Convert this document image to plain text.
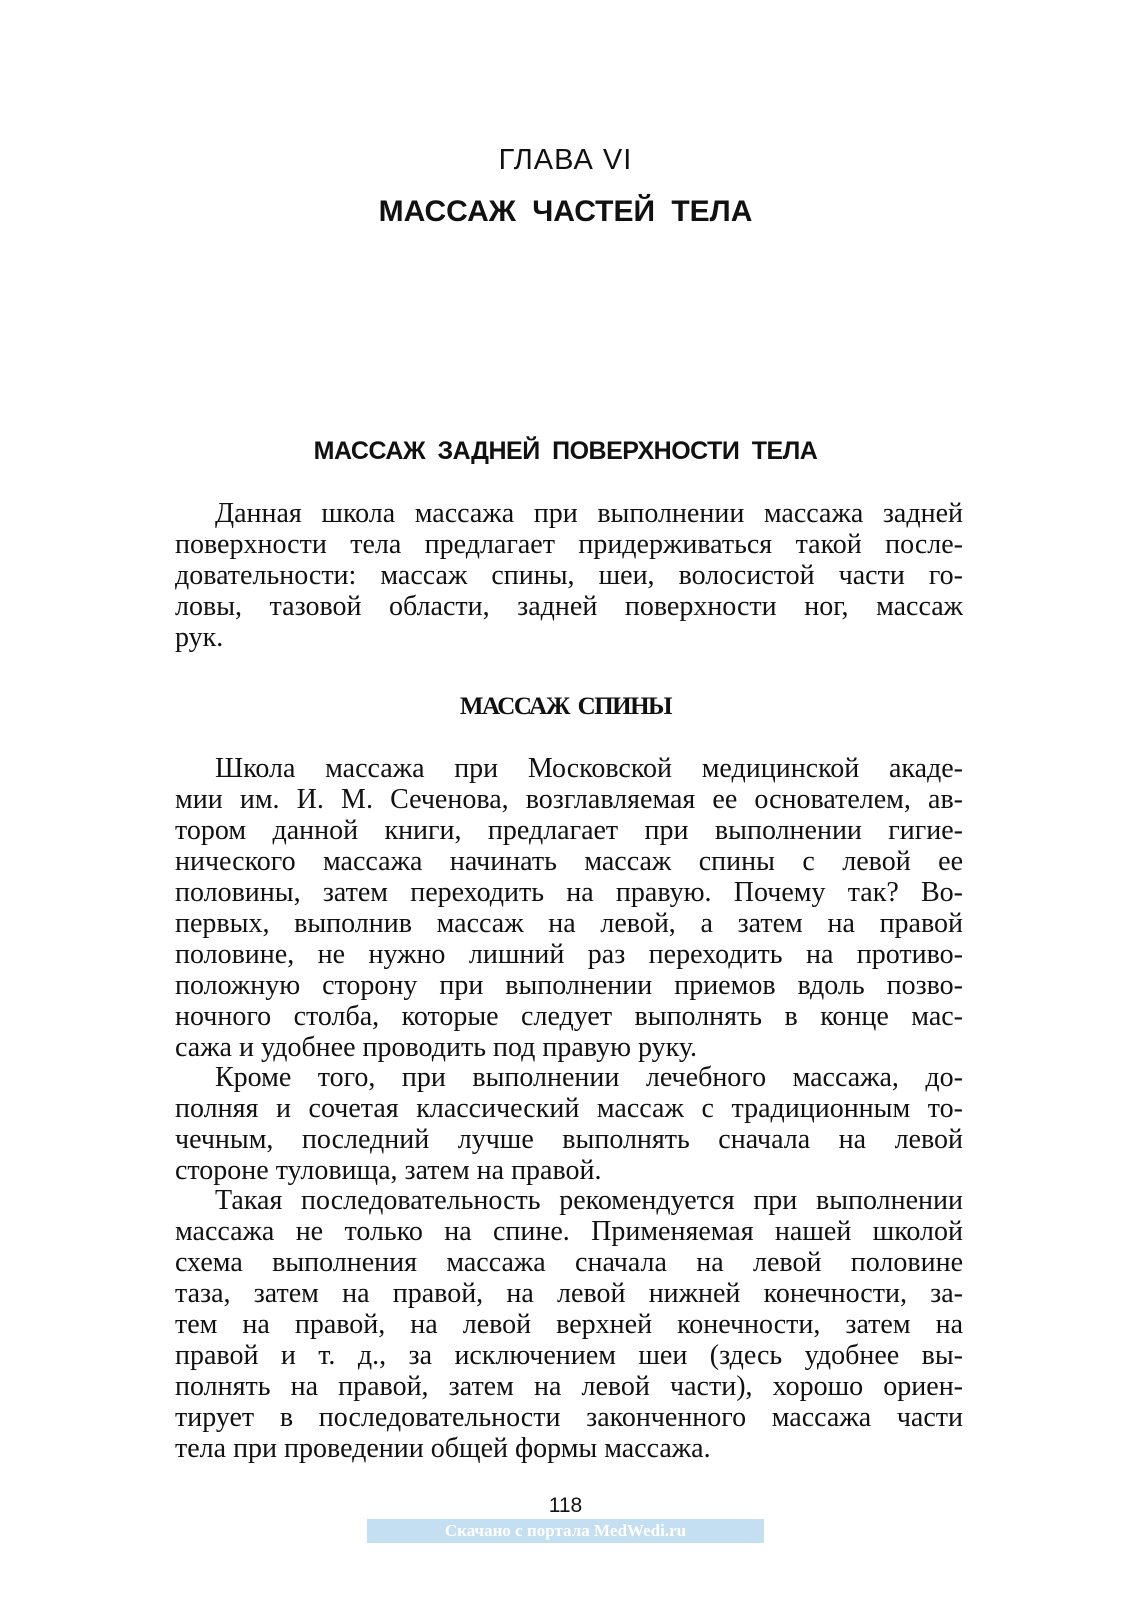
ГЛАВА VI
МАССАЖ ЧАСТЕЙ ТЕЛА
МАССАЖ ЗАДНЕЙ ПОВЕРХНОСТИ ТЕЛА
Данная школа массажа при выполнении массажа задней
поверхности тела предлагает придерживаться такой после-
довательности: массаж спины, шеи, волосистой части го-
ловы, тазовой области, задней поверхности ног, массаж
рук.
МАССАЖ СПИНЫ
Школа массажа при Московской медицинской акаде-
мии им. И. М. Сеченова, возглавляемая ее основателем, ав-
тором данной книги, предлагает при выполнении гигие-
нического массажа начинать массаж спины с левой ее
половины, затем переходить на правую. Почему так? Во-
первых, выполнив массаж на левой, а затем на правой
половине, не нужно лишний раз переходить на противо-
положную сторону при выполнении приемов вдоль позво-
ночного столба, которые следует выполнять в конце мас-
сажа и удобнее проводить под правую руку.
Кроме того, при выполнении лечебного массажа, до-
полняя и сочетая классический массаж с традиционным то-
чечным, последний лучше выполнять сначала на левой
стороне туловища, затем на правой.
Такая последовательность рекомендуется при выполнении
массажа не только на спине. Применяемая нашей школой
схема выполнения массажа сначала на левой половине
таза, затем на правой, на левой нижней конечности, за-
тем на правой, на левой верхней конечности, затем на
правой и т. д., за исключением шеи (здесь удобнее вы-
полнять на правой, затем на левой части), хорошо ориен-
тирует в последовательности законченного массажа части
тела при проведении общей формы массажа.
118
Скачано с портала MedWedi.ru
